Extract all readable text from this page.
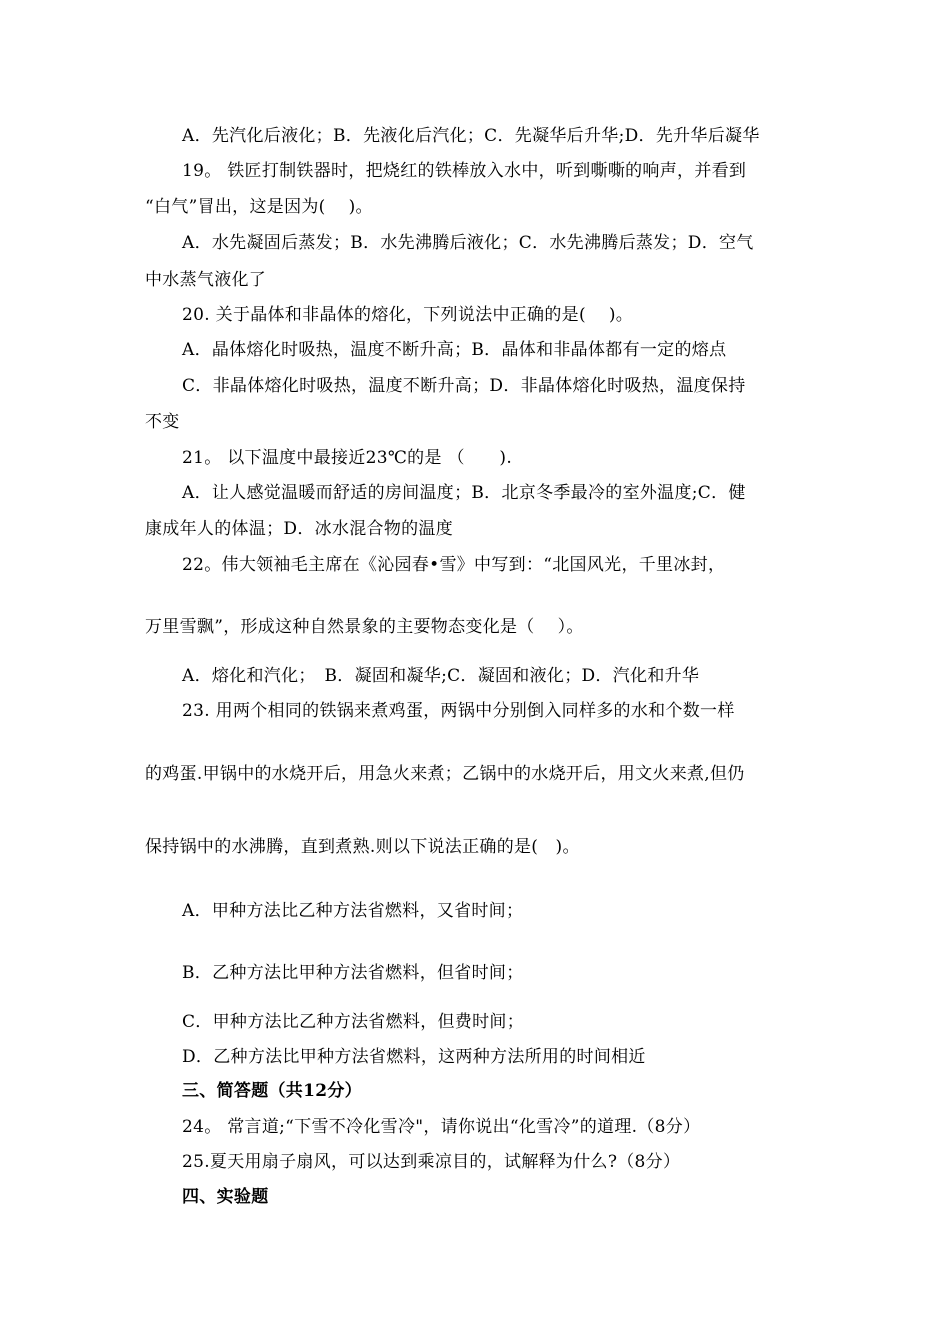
A．先汽化后液化；B．先液化后汽化；C．先凝华后升华;D．先升华后凝华
19。 铁匠打制铁器时，把烧红的铁棒放入水中，听到嘶嘶的响声，并看到
“白气”冒出，这是因为(　 )。
A．水先凝固后蒸发；B．水先沸腾后液化；C．水先沸腾后蒸发；D．空气
中水蒸气液化了
20. 关于晶体和非晶体的熔化，下列说法中正确的是(　 )。
A．晶体熔化时吸热，温度不断升高；B．晶体和非晶体都有一定的熔点
C．非晶体熔化时吸热，温度不断升高；D．非晶体熔化时吸热，温度保持
不变
21。 以下温度中最接近23℃的是 （　　).
A．让人感觉温暖而舒适的房间温度；B．北京冬季最冷的室外温度;C．健
康成年人的体温；D．冰水混合物的温度
22。伟大领袖毛主席在《沁园春•雪》中写到：“北国风光，千里冰封，
万里雪飘”，形成这种自然景象的主要物态变化是（　 ）。
A．熔化和汽化；　B．凝固和凝华;C．凝固和液化；D．汽化和升华
23. 用两个相同的铁锅来煮鸡蛋，两锅中分别倒入同样多的水和个数一样
的鸡蛋.甲锅中的水烧开后，用急火来煮；乙锅中的水烧开后，用文火来煮,但仍
保持锅中的水沸腾，直到煮熟.则以下说法正确的是(　)。
A．甲种方法比乙种方法省燃料，又省时间；
B．乙种方法比甲种方法省燃料，但省时间；
C．甲种方法比乙种方法省燃料，但费时间；
D．乙种方法比甲种方法省燃料，这两种方法所用的时间相近
三、简答题（共12分）
24。 常言道;“下雪不冷化雪冷"，请你说出“化雪冷”的道理.（8分）
25.夏天用扇子扇风，可以达到乘凉目的，试解释为什么?（8分）
四、实验题
